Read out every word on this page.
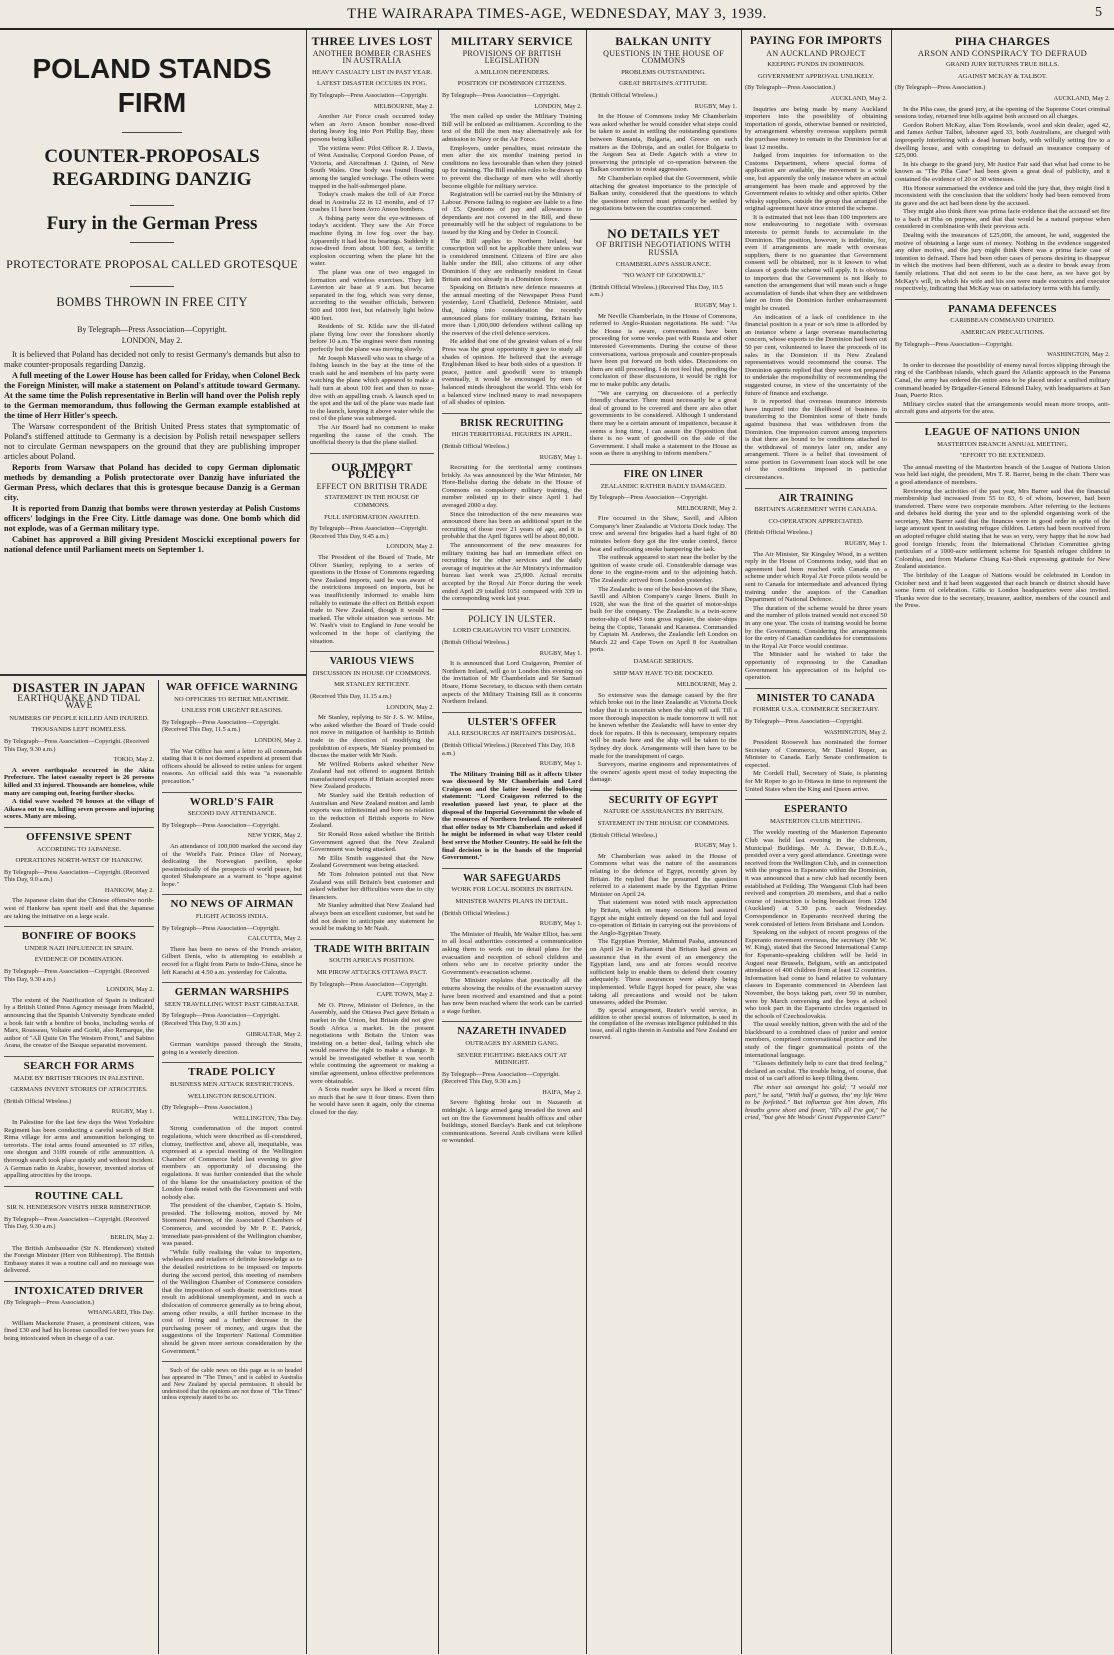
THE WAIRARAPA TIMES-AGE, WEDNESDAY, MAY 3, 1939.	5
POLAND STANDS FIRM
COUNTER-PROPOSALS REGARDING DANZIG
Fury in the German Press
PROTECTORATE PROPOSAL CALLED GROTESQUE
BOMBS THROWN IN FREE CITY
By Telegraph—Press Association—Copyright.
LONDON, May 2.

It is believed that Poland has decided not only to resist Germany's demands but also to make counter-proposals regarding Danzig.

A full meeting of the Lower House has been called for Friday, when Colonel Beck the Foreign Minister, will make a statement on Poland's attitude toward Germany. At the same time the Polish representative in Berlin will hand over the Polish reply to the German memorandum, thus following the German example established at the time of Herr Hitler's speech.

The Warsaw correspondent of the British United Press states that symptomatic of Poland's stiffened attitude to Germany is a decision by Polish retail newspaper sellers not to circulate German newspapers on the ground that they are publishing improper articles about Poland.

Reports from Warsaw that Poland has decided to copy German diplomatic methods by demanding a Polish protectorate over Danzig have infuriated the German Press, which declares that this is grotesque because Danzig is a German city.

It is reported from Danzig that bombs were thrown yesterday at Polish Customs officers' lodgings in the Free City. Little damage was done. One bomb which did not explode, was of a German military type.

Cabinet has approved a Bill giving President Moscicki exceptional powers for national defence until Parliament meets on September 1.

DISASTER IN JAPAN
EARTHQUAKE AND TIDAL WAVE
NUMBERS OF PEOPLE KILLED AND INJURED.
THOUSANDS LEFT HOMELESS.
By Telegraph—Press Association—Copyright. (Received This Day, 9.30 a.m.)
TOKIO, May 2.

A severe earthquake occurred in the Akita Prefecture. The latest casualty report is 26 persons killed and 33 injured. Thousands are homeless, while many are camping out, fearing further shocks.

A tidal wave washed 70 houses at the village of Aikawa out to sea, killing seven persons and injuring scores. Many are missing.

OFFENSIVE SPENT
ACCORDING TO JAPANESE.
OPERATIONS NORTH-WEST OF HANKOW.
By Telegraph—Press Association—Copyright. (Received This Day, 9.0 a.m.)
HANKOW, May 2.

The Japanese claim that the Chinese offensive north-west of Hankow has spent itself and that the Japanese are taking the initiative on a large scale.

BONFIRE OF BOOKS
UNDER NAZI INFLUENCE IN SPAIN.
EVIDENCE OF DOMINATION.
By Telegraph—Press Association—Copyright. (Received This Day, 9.30 a.m.)
LONDON, May 2.

The extent of the Nazification of Spain is indicated by a British United Press Agency message from Madrid, announcing that the Spanish University Syndicate ended a book fair with a bonfire of books, including works of Marx, Rousseau, Voltaire and Gorki, also Remarque, the author of "All Quite On The Western Front," and Sabino Arana, the creator of the Basque separatist movement.

SEARCH FOR ARMS
MADE BY BRITISH TROOPS IN PALESTINE.
GERMANS INVENT STORIES OF ATROCITIES.
(British Official Wireless.)
RUGBY, May 1.

In Palestine for the last few days the West Yorkshire Regiment has been conducting a careful search of Beit Rima village for arms and ammunition belonging to terrorists. The total arms found amounted to 37 rifles, one shotgun and 3109 rounds of rifle ammunition. A thorough search took place quietly and without incident. A German radio in Arabic, however, invented stories of appalling atrocities by the troops.

ROUTINE CALL
SIR N. HENDERSON VISITS HERR RIBBENTROP.
By Telegraph—Press Association—Copyright. (Received This Day, 9.30 a.m.)
BERLIN, May 2.

The British Ambassador (Sir N. Henderson) visited the Foreign Minister (Herr von Ribbentrop). The British Embassy states it was a routine call and no message was delivered.

INTOXICATED DRIVER
(By Telegraph—Press Association.)
WHANGAREI, This Day.

William Mackenzie Fraser, a prominent citizen, was fined £30 and had his license cancelled for two years for being intoxicated when in charge of a car.

WAR OFFICE WARNING
NO OFFICERS TO RETIRE MEANTIME.
UNLESS FOR URGENT REASONS.
By Telegraph—Press Association—Copyright. (Received This Day, 11.5 a.m.)
LONDON, May 2.

The War Office has sent a letter to all commands stating that it is not deemed expedient at present that officers should be allowed to retire unless for urgent reasons. An official said this was "a reasonable precaution."

WORLD'S FAIR
SECOND DAY ATTENDANCE.
By Telegraph—Press Association—Copyright.
NEW YORK, May 2.

An attendance of 100,000 marked the second day of the World's Fair. Prince Olav of Norway, dedicating the Norwegian pavilion, spoke pessimistically of the prospects of world peace, but quoted Shakespeare as a warrant to "hope against hope."

NO NEWS OF AIRMAN
FLIGHT ACROSS INDIA.
By Telegraph—Press Association—Copyright.
CALCUTTA, May 2.

There has been no news of the French aviator, Gilbert Denis, who is attempting to establish a record for a flight from Paris to Indo-China, since he left Karachi at 4.50 a.m. yesterday for Calcutta.

GERMAN WARSHIPS
SEEN TRAVELLING WEST PAST GIBRALTAR.
By Telegraph—Press Association—Copyright. (Received This Day, 9.30 a.m.)
GIBRALTAR, May 2.

German warships passed through the Straits, going in a westerly direction.

TRADE POLICY
BUSINESS MEN ATTACK RESTRICTIONS.
WELLINGTON RESOLUTION.
(By Telegraph—Press Association.)
WELLINGTON, This Day.

Strong condemnation of the import control regulations, which were described as ill-considered, clumsy, ineffective and, above all, inequitable, was expressed at a special meeting of the Wellington Chamber of Commerce held last evening to give members an opportunity of discussing the regulations. It was further contended that the whole of the blame for the unsatisfactory position of the London funds rested with the Government and with nobody else.

The president of the chamber, Captain S. Holm, presided. The following motion, moved by Mr Stormont Paterson, of the Associated Chambers of Commerce, and seconded by Mr P. E. Patrick, immediate past-president of the Wellington chamber, was passed.

"While fully realising the value to importers, wholesalers and retailers of definite knowledge as to the detailed restrictions to be imposed on imports during the second period, this meeting of members of the Wellington Chamber of Commerce considers that the imposition of such drastic restrictions must result in additional unemployment, and in such a dislocation of commerce generally as to bring about, among other results, a still further increase in the cost of living and a further decrease in the purchasing power of money, and urges that the suggestions of the Importers' National Committee should be given more serious consideration by the Government."

Such of the cable news on this page as is so headed has appeared in "The Times," and is cabled to Australia and New Zealand by special permission. It should be understood that the opinions are not those of "The Times" unless expressly stated to be so.

THREE LIVES LOST
ANOTHER BOMBER CRASHES IN AUSTRALIA
HEAVY CASUALTY LIST IN PAST YEAR.
LATEST DISASTER OCCURS IN FOG.
By Telegraph—Press Association—Copyright.
MELBOURNE, May 2.

Another Air Force crash occurred today when an Avro Anson bomber nose-dived during heavy fog into Port Phillip Bay, three persons being killed.

The victims were: Pilot Officer R. J. Davis, of West Australia; Corporal Gordon Pease, of Victoria, and Aircraftman J. Quinn, of New South Wales. One body was found floating among the tangled wreckage. The others were trapped in the half-submerged plane.

Today's crash makes the toll of Air Force dead in Australia 22 in 12 months, and of 17 crashes 11 have been Avro Anson bombers.

A fishing party were the eye-witnesses of today's accident. They saw the Air Force machine flying in low fog over the bay. Apparently it had lost its bearings. Suddenly it nose-dived from about 100 feet, a terrific explosion occurring when the plane hit the water.

The plane was one of two engaged in formation and wireless exercises. They left Laverton air base at 9 a.m. but became separated in the fog, which was very dense, according to the weather officials, between 500 and 1000 feet, but relatively light below 400 feet.

Residents of St. Kilda saw the ill-fated plane flying low over the foreshore shortly before 10 a.m. The engines were then running perfectly but the plane was moving slowly.

Mr Joseph Maxwell who was in charge of a fishing launch in the bay at the time of the crash said he and members of his party were watching the plane which appeared to make a half turn at about 100 feet and then to nose-dive with an appalling crash. A launch sped to the spot and the tail of the plane was made fast to the launch, keeping it above water while the rest of the plane was submerged.

The Air Board had no comment to make regarding the cause of the crash. The unofficial theory is that the plane stalled.

OUR IMPORT POLICY
EFFECT ON BRITISH TRADE
STATEMENT IN THE HOUSE OF COMMONS.
FULL INFORMATION AWAITED.
By Telegraph—Press Association—Copyright. (Received This Day, 9.45 a.m.)
LONDON, May 2.

The President of the Board of Trade, Mr Oliver Stanley, replying to a series of questions in the House of Commons regarding New Zealand imports, said he was aware of the restrictions imposed on imports, but he was insufficiently informed to enable him reliably to estimate the effect on British export trade to New Zealand, though it would be marked. The whole situation was serious. Mr W. Nash's visit to England in June would be welcomed in the hope of clarifying the situation.

VARIOUS VIEWS
DISCUSSION IN HOUSE OF COMMONS.
MR STANLEY RETICENT.
(Received This Day, 11.15 a.m.)
LONDON, May 2.

Mr Stanley, replying to Sir J. S. W. Milne, who asked whether the Board of Trade could not move in mitigation of hardship to British trade in the direction of modifying the prohibition of exports, Mr Stanley promised to discuss the matter with Mr Nash.

Mr Wilfred Roberts asked whether New Zealand had not offered to augment British manufactured exports if Britain accepted more New Zealand products.

Mr Stanley said the British reduction of Australian and New Zealand mutton and lamb exports was infinitesimal and bore no relation to the reduction of British exports to New Zealand.

Sir Ronald Ross asked whether the British Government agreed that the New Zealand Government was being attacked.

Mr Ellis Smith suggested that the New Zealand Government was being attacked.

Mr Tom Johnston pointed out that New Zealand was still Britain's best customer and asked whether her difficulties were due to city financiers.

Mr Stanley admitted that New Zealand had always been an excellent customer, but said he did not desire to anticipate any statement he would be making to Mr Nash.

TRADE WITH BRITAIN
SOUTH AFRICA'S POSITION.
MR PIROW ATTACKS OTTAWA PACT.
By Telegraph—Press Association—Copyright.
CAPE TOWN, May 2.

Mr O. Pirow, Minister of Defence, in the Assembly, said the Ottawa Pact gave Britain a market in the Union, but Britain did not give South Africa a market. In the present negotiations with Britain the Union was insisting on a better deal, failing which she would reserve the right to make a change. It would be investigated whether it was worth while continuing the agreement or making a similar agreement, unless effective preferences were obtainable.

A Scots reader says he liked a recent film so much that he saw it four times. Even then he would have seen it again, only the cinema closed for the day.

MILITARY SERVICE
PROVISIONS OF BRITISH LEGISLATION
A MILLION DEFENDERS.
POSITION OF DOMINION CITIZENS.
By Telegraph—Press Association—Copyright.
LONDON, May 2.

The men called up under the Military Training Bill will be enlisted as militiamen. According to the text of the Bill the men may alternatively ask for admission to Navy or the Air Force.

Employers, under penalties, must reinstate the men after the six months' training period in conditions no less favourable than when they joined up for training. The Bill enables rules to be drawn up to prevent the discharge of men who will shortly become eligible for military service.

Registration will be carried out by the Ministry of Labour. Persons failing to register are liable to a fine of £5. Questions of pay and allowances to dependants are not covered in the Bill, and these presumably will be the subject of regulations to be issued by the King and by Order in Council.

The Bill applies to Northern Ireland, but conscription will not be applicable there unless war is considered imminent. Citizens of Eire are also liable under the Bill, also citizens of any other Dominion if they are ordinarily resident in Great Britain and not already in a Dominion force.

Speaking on Britain's new defence measures at the annual meeting of the Newspaper Press Fund yesterday, Lord Chatfield, Defence Minister, said that, taking into consideration the recently announced plans for military training, Britain has more than 1,000,000 defenders without calling up the reserves of the civil defence services.

He added that one of the greatest values of a free Press was the great opportunity it gave to study all shades of opinion. He believed that the average Englishman liked to hear both sides of a question. If peace, justice and goodwill were to triumph eventually, it would be encouraged by men of balanced minds throughout the world. This wish for a balanced view inclined many to read newspapers of all shades of opinion.

BRISK RECRUITING
HIGH TERRITORIAL FIGURES IN APRIL.
(British Official Wireless.)
RUGBY, May 1.

Recruiting for the territorial army continues briskly. As was announced by the War Minister, Mr Hore-Belisha during the debate in the House of Commons on compulsory military training, the number enlisted up to their since April 1 had averaged 2000 a day.

Since the introduction of the new measures was announced there has been an additional spurt in the recruiting of those over 21 years of age, and it is probable that the April figures will be about 80,000.

The announcement of the new measures for military training has had an immediate effect on recruiting for the other services and the daily average of inquiries at the Air Ministry's information bureau last week was 25,000. Actual recruits accepted by the Royal Air Force during the week ended April 29 totalled 1051 compared with 339 in the corresponding week last year.

POLICY IN ULSTER.
LORD CRAIGAVON TO VISIT LONDON.
(British Official Wireless.)
RUGBY, May 1.

It is announced that Lord Craigavon, Premier of Northern Ireland, will go to London this evening on the invitation of Mr Chamberlain and Sir Samuel Hoare, Home Secretary, to discuss with them certain aspects of the Military Training Bill as it concerns Northern Ireland.

ULSTER'S OFFER
ALL RESOURCES AT BRITAIN'S DISPOSAL.
(British Official Wireless.) (Received This Day, 10.8 a.m.)
RUGBY, May 1.

The Military Training Bill as it affects Ulster was discussed by Mr Chamberlain and Lord Craigavon and the latter issued the following statement: "Lord Craigavon referred to the resolution passed last year, to place at the disposal of the Imperial Government the whole of the resources of Northern Ireland. He reiterated that offer today to Mr Chamberlain and asked if he might be informed in what way Ulster could best serve the Mother Country. He said he felt the final decision is in the hands of the Imperial Government."

WAR SAFEGUARDS
WORK FOR LOCAL BODIES IN BRITAIN.
MINISTER WANTS PLANS IN DETAIL.
(British Official Wireless.)
RUGBY, May 1.

The Minister of Health, Mr Walter Elliot, has sent to all local authorities concerned a communication asking them to work out in detail plans for the evacuation and reception of school children and others who are to receive priority under the Government's evacuation scheme.

The Minister explains that practically all the returns showing the results of the evacuation survey have been received and examined and that a point has now been reached where the work can be carried a stage further.

NAZARETH INVADED
OUTRAGES BY ARMED GANG.
SEVERE FIGHTING BREAKS OUT AT MIDNIGHT.
By Telegraph—Press Association—Copyright. (Received This Day, 9.30 a.m.)
HAIFA, May 2.

Severe fighting broke out in Nazareth at midnight. A large armed gang invaded the town and set on fire the Government health offices and other buildings, stoned Barclay's Bank and cut telephone communications. Several Arab civilians were killed or wounded.

BALKAN UNITY
QUESTIONS IN THE HOUSE OF COMMONS
PROBLEMS OUTSTANDING.
GREAT BRITAIN'S ATTITUDE.
(British Official Wireless.)
RUGBY, May 1.

In the House of Commons today Mr Chamberlain was asked whether he would consider what steps could be taken to assist in settling the outstanding questions between Rumania, Bulgaria, and Greece on such matters as the Dobruja, and an outlet for Bulgaria to the Aegean Sea at Dede Agatch with a view to preserving the principle of co-operation between the Balkan countries to resist aggression.

Mr Chamberlain replied that the Government, while attaching the greatest importance to the principle of Balkan unity, considered that the questions to which the questioner referred must primarily be settled by negotiations between the countries concerned.

NO DETAILS YET
OF BRITISH NEGOTIATIONS WITH RUSSIA
CHAMBERLAIN'S ASSURANCE.
"NO WANT OF GOODWILL"
(British Official Wireless.) (Received This Day, 10.5 a.m.)
RUGBY, May 1.

Mr Neville Chamberlain, in the House of Commons, referred to Anglo-Russian negotiations. He said: "As the House is aware, conversations have been proceeding for some weeks past with Russia and other interested Governments. During the course of these conversations, various proposals and counter-proposals have been put forward on both sides. Discussions on them are still proceeding. I do not feel that, pending the conclusion of these discussions, it would be right for me to make public any details.

"We are carrying on discussions of a perfectly friendly character. There must necessarily be a great deal of ground to be covered and there are also other governments to be considered. Although I understand there may be a certain amount of impatience, because it seems a long time, I can assure the Opposition that there is no want of goodwill on the side of the Government. I shall make a statement to the House as soon as there is anything to inform members."

FIRE ON LINER
ZEALANDIC RATHER BADLY DAMAGED.
By Telegraph—Press Association—Copyright.
MELBOURNE, May 2.

Fire occurred in the Shaw, Savill, and Albion Company's liner Zealandic at Victoria Dock today. The crew and several fire brigades had a hard fight of 80 minutes before they got the fire under control, fierce heat and suffocating smoke hampering the task.

The outbreak appeared to start near the boiler by the ignition of waste crude oil. Considerable damage was done to the engine-room and to the adjoining hatch. The Zealandic arrived from London yesterday.

The Zealandic is one of the best-known of the Shaw, Savill and Albion Company's cargo liners. Built in 1928, she was the first of the quartet of motor-ships built for the company. The Zealandic is a twin-screw motor-ship of 8443 tons gross register, the sister-ships being the Coptic, Taranaki and Karamea. Commanded by Captain M. Andrews, the Zealandic left London on March 22 and Cape Town on April 8 for Australian ports.

DAMAGE SERIOUS.
SHIP MAY HAVE TO BE DOCKED.
MELBOURNE, May 2.

So extensive was the damage caused by the fire which broke out in the liner Zealandic at Victoria Dock today that it is uncertain when the ship will sail. Till a more thorough inspection is made tomorrow it will not be known whether the Zealandic will have to enter dry dock for repairs. If this is necessary, temporary repairs will be made here and the ship will be taken to the Sydney dry dock. Arrangements will then have to be made for the transhipment of cargo.

Surveyors, marine engineers and representatives of the owners' agents spent most of today inspecting the damage.

SECURITY OF EGYPT
NATURE OF ASSURANCES BY BRITAIN.
STATEMENT IN THE HOUSE OF COMMONS.
(British Official Wireless.)
RUGBY, May 1.

Mr Chamberlain was asked in the House of Commons what was the nature of the assurances relating to the defence of Egypt, recently given by Britain. He replied that he presumed the question referred to a statement made by the Egyptian Prime Minister on April 24.

That statement was noted with much appreciation by Britain, which on many occasions had assured Egypt she might entirely depend on the full and loyal co-operation of Britain in carrying out the provisions of the Anglo-Egyptian Treaty.

The Egyptian Premier, Mahmud Pasha, announced on April 24 in Parliament that Britain had given an assurance that in the event of an emergency the Egyptian land, sea and air forces would receive sufficient help to enable them to defend their country adequately. These assurances were already being implemented. While Egypt hoped for peace, she was taking all precautions and would not be taken unawares, added the Premier.

By special arrangement, Reuter's world service, in addition to other special sources of information, is used in the compilation of the overseas intelligence published in this issue, and all rights therein in Australia and New Zealand are reserved.

PAYING FOR IMPORTS
AN AUCKLAND PROJECT
KEEPING FUNDS IN DOMINION.
GOVERNMENT APPROVAL UNLIKELY.
(By Telegraph—Press Association.)
AUCKLAND, May 2.

Inquiries are being made by many Auckland importers into the possibility of obtaining importation of goods, otherwise banned or restricted, by arrangement whereby overseas suppliers permit the purchase money to remain in the Dominion for at least 12 months.

Judged from inquiries for information to the Customs Department, where special forms of application are available, the movement is a wide one, but apparently the only instance where an actual arrangement has been made and approved by the Government relates to whisky and other spirits. Other whisky suppliers, outside the group that arranged the original agreement have since entered the scheme.

It is estimated that not less than 100 importers are now endeavouring to negotiate with overseas interests to permit funds to accumulate in the Dominion. The position, however, is indefinite, for, even if arrangements are made with overseas suppliers, there is no guarantee that Government consent will be obtained, nor is it known to what classes of goods the scheme will apply. It is obvious to importers that the Government is not likely to sanction the arrangement that will mean such a huge accumulation of funds that when they are withdrawn later on from the Dominion further embarrassment might be created.

An indication of a lack of confidence in the financial position is a year or so's time is afforded by an instance where a large overseas manufacturing concern, whose exports to the Dominion had been cut 50 per cent, volunteered to leave the proceeds of its sales in the Dominion if its New Zealand representatives would recommend the course. The Dominion agents replied that they were not prepared to undertake the responsibility of recommending the suggested course, in view of the uncertainty of the future of finance and exchange.

It is reported that overseas insurance interests have inquired into the likelihood of business in transferring to the Dominion some of their funds against business that was withdrawn from the Dominion. One impression current among importers is that there are bound to be conditions attached to the withdrawal of moneys later on, under any arrangement. There is a belief that investment of some portion in Government loan stock will be one of the conditions imposed in particular circumstances.

AIR TRAINING
BRITAIN'S AGREEMENT WITH CANADA.
CO-OPERATION APPRECIATED.
(British Official Wireless.)
RUGBY, May 1.

The Air Minister, Sir Kingsley Wood, in a written reply in the House of Commons today, said that an agreement had been reached with Canada on a scheme under which Royal Air Force pilots would be sent to Canada for intermediate and advanced flying training under the auspices of the Canadian Department of National Defence.

The duration of the scheme would be three years and the number of pilots trained would not exceed 50 in any one year. The costs of training would be borne by the Government. Considering the arrangements for the entry of Canadian candidates for commissions in the Royal Air Force would continue.

The Minister said he wished to take the opportunity of expressing to the Canadian Government his appreciation of its helpful co-operation.

MINISTER TO CANADA
FORMER U.S.A. COMMERCE SECRETARY.
By Telegraph—Press Association—Copyright.
WASHINGTON, May 2.

President Roosevelt has nominated the former Secretary of Commerce, Mr Daniel Roper, as Minister to Canada. Early Senate confirmation is expected.

Mr Cordell Hull, Secretary of State, is planning for Mr Roper to go to Ottawa in time to represent the United States when the King and Queen arrive.

ESPERANTO
MASTERTON CLUB MEETING.

The weekly meeting of the Masterton Esperanto Club was held last evening in the clubroom, Municipal Buildings. Mr A. Dewar, D.B.E.A., presided over a very good attendance. Greetings were received from the Wellington Club, and in connection with the progress in Esperanto within the Dominion, it was announced that a new club had recently been established at Feilding. The Wanganui Club had been revived and comprises 20 members, and that a radio course of instruction is being broadcast from 1ZM (Auckland) at 5.30 p.m. each Wednesday. Correspondence in Esperanto received during the week consisted of letters from Brisbane and London.

Speaking on the subject of recent progress of the Esperanto movement overseas, the secretary (Mr W. W. King), stated that the Second International Camp for Esperanto-speaking children will be held in August near Brussels, Belgium, with an anticipated attendance of 400 children from at least 12 countries. Information had come to hand relative to voluntary classes in Esperanto commenced in Aberdeen last November, the boys taking part, over 50 in number, were by March conversing and the boys at school who took part in the Esperanto circles organised in the schools of Czechoslovakia.

The usual weekly tuition, given with the aid of the blackboard to a combined class of junior and senior members, comprised conversational practice and the study of the finger grammatical points of the international language.

"Glasses definitely help to cure that tired feeling," declared an oculist. The trouble being, of course, that most of us can't afford to keep filling them.

The miser sat amongst his gold; "I would not part," he said, "With half a guinea, tho' my life Were to be forfeited." But influenza got him down, His breaths grew short and fewer, "Ill's all I've got," he cried, "but give Me Woods' Great Peppermint Cure!"

PIHA CHARGES
ARSON AND CONSPIRACY TO DEFRAUD
GRAND JURY RETURNS TRUE BILLS.
AGAINST MCKAY & TALBOT.
(By Telegraph—Press Association.)
AUCKLAND, May 2.

In the Piha case, the grand jury, at the opening of the Supreme Court criminal sessions today, returned true bills against both accused on all charges.

Gordon Robert McKay, alias Tom Rowlands, wool and skin dealer, aged 42, and James Arthur Talbot, labourer aged 33, both Australians, are charged with improperly interfering with a dead human body, with wilfully setting fire to a dwelling house, and with conspiring to defraud an insurance company of £25,000.

In his charge to the grand jury, Mr Justice Fair said that what had come to be known as "The Piha Case" had been given a great deal of publicity, and it contained the evidence of 20 or 30 witnesses.

His Honour summarised the evidence and told the jury that, they might find it inconsistent with the conclusion that the soldiers' body had been removed from its grave and the act had been done by the accused.

They might also think there was prima facie evidence that the accused set fire to a bach at Piha on purpose, and that that would be a natural purpose when considered in combination with their previous acts.

Dealing with the insurances of £25,000, the amount, he said, suggested the motive of obtaining a large sum of money. Nothing in the evidence suggested any other motive, and the jury might think there was a prima facie case of intention to defraud. There had been other cases of persons desiring to disappear in which the motives had been different, such as a desire to break away from family relations. That did not seem to be the case here, as we have got by McKay's will, in which his wife and his son were made executrix and executor respectively, indicating that McKay was on satisfactory terms with his family.

PANAMA DEFENCES
CARIBBEAN COMMAND UNIFIED.
AMERICAN PRECAUTIONS.
By Telegraph—Press Association—Copyright.
WASHINGTON, May 2.

In order to decrease the possibility of enemy naval forces slipping through the ring of the Caribbean islands, which guard the Atlantic approach to the Panama Canal, the army has ordered the entire area to be placed under a unified military command headed by Brigadier-General Edmund Daley, with headquarters at San Juan, Puerto Rico.

Military circles stated that the arrangements would mean more troops, anti-aircraft guns and airports for the area.

LEAGUE OF NATIONS UNION
MASTERTON BRANCH ANNUAL MEETING.
"EFFORT TO BE EXTENDED.

The annual meeting of the Masterton branch of the League of Nations Union was held last night, the president, Mrs T. R. Barrer, being in the chair. There was a good attendance of members.

Reviewing the activities of the past year, Mrs Barrer said that the financial membership had increased from 55 to 83, 6 of whom, however, had been transferred. There were two corporate members. After referring to the lectures and debates held during the year and to the splendid organising work of the secretary, Mrs Barrer said that the finances were in good order in spite of the large amount spent in assisting refugee children. Letters had been received from an adopted refugee child stating that he was so very, very happy that he now had good foreign friends; from the International Christian Committee giving particulars of a 1000-acre settlement scheme for Spanish refugee children in Colombia, and from Madame Chiang Kai-Shek expressing gratitude for New Zealand assistance.

The birthday of the League of Nations would be celebrated in London in October next and it had been suggested that each branch or district should have some form of celebration. Gifts to London headquarters were also invited. Thanks were due to the secretary, treasurer, auditor, members of the council and the Press.
